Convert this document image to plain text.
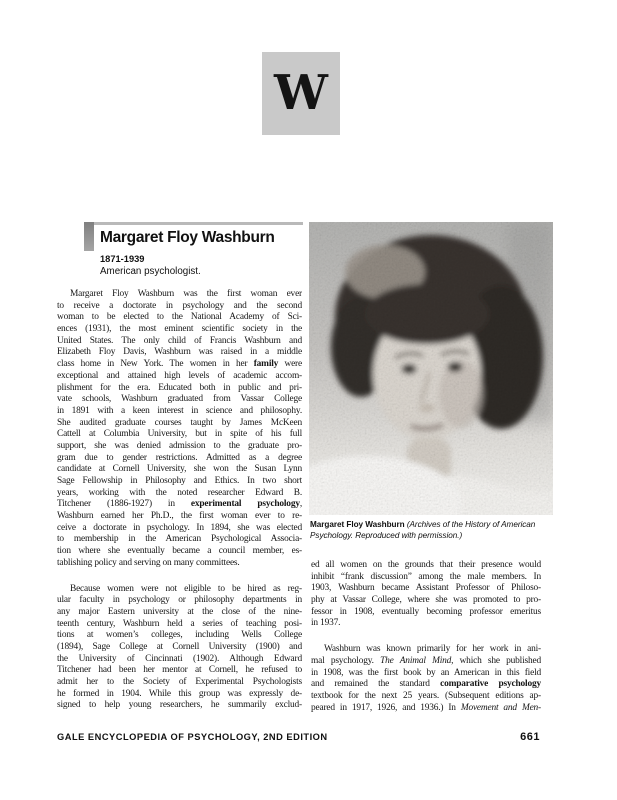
W
Margaret Floy Washburn
1871-1939
American psychologist.
Margaret Floy Washburn was the first woman ever
to receive a doctorate in psychology and the second
woman to be elected to the National Academy of Sci-
ences (1931), the most eminent scientific society in the
United States. The only child of Francis Washburn and
Elizabeth Floy Davis, Washburn was raised in a middle
class home in New York. The women in her family were
exceptional and attained high levels of academic accom-
plishment for the era. Educated both in public and pri-
vate schools, Washburn graduated from Vassar College
in 1891 with a keen interest in science and philosophy.
She audited graduate courses taught by James McKeen
Cattell at Columbia University, but in spite of his full
support, she was denied admission to the graduate pro-
gram due to gender restrictions. Admitted as a degree
candidate at Cornell University, she won the Susan Lynn
Sage Fellowship in Philosophy and Ethics. In two short
years, working with the noted researcher Edward B.
Titchener (1886-1927) in experimental psychology,
Washburn earned her Ph.D., the first woman ever to re-
ceive a doctorate in psychology. In 1894, she was elected
to membership in the American Psychological Associa-
tion where she eventually became a council member, es-
tablishing policy and serving on many committees.
Because women were not eligible to be hired as reg-
ular faculty in psychology or philosophy departments in
any major Eastern university at the close of the nine-
teenth century, Washburn held a series of teaching posi-
tions at women’s colleges, including Wells College
(1894), Sage College at Cornell University (1900) and
the University of Cincinnati (1902). Although Edward
Titchener had been her mentor at Cornell, he refused to
admit her to the Society of Experimental Psychologists
he formed in 1904. While this group was expressly de-
signed to help young researchers, he summarily exclud-
Margaret Floy Washburn (Archives of the History of American
Psychology. Reproduced with permission.)
ed all women on the grounds that their presence would
inhibit “frank discussion” among the male members. In
1903, Washburn became Assistant Professor of Philoso-
phy at Vassar College, where she was promoted to pro-
fessor in 1908, eventually becoming professor emeritus
in 1937.
Washburn was known primarily for her work in ani-
mal psychology. The Animal Mind, which she published
in 1908, was the first book by an American in this field
and remained the standard comparative psychology
textbook for the next 25 years. (Subsequent editions ap-
peared in 1917, 1926, and 1936.) In Movement and Men-
GALE ENCYCLOPEDIA OF PSYCHOLOGY, 2ND EDITION	661
